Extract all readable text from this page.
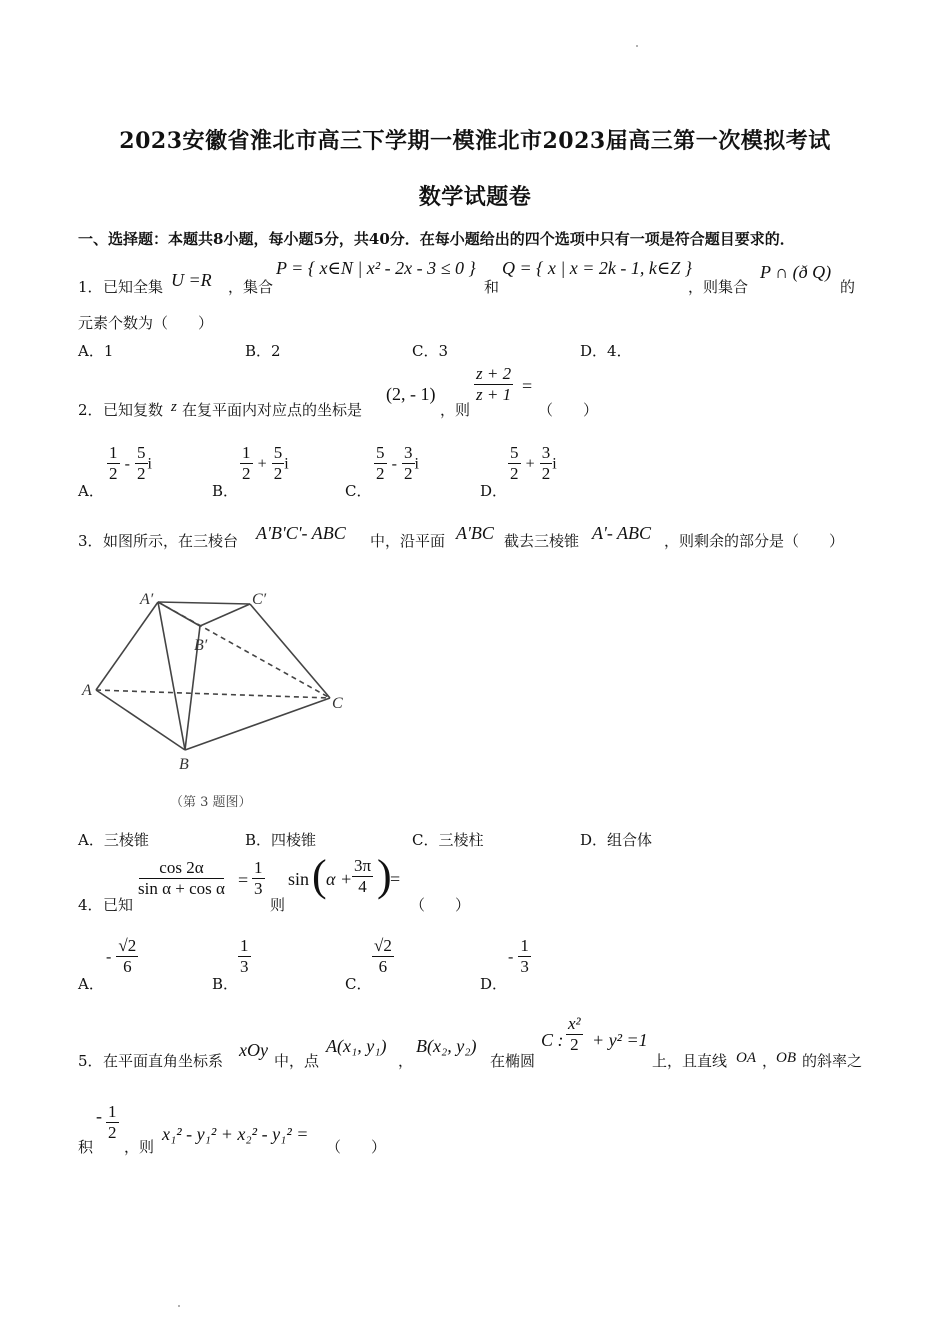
2023安徽省淮北市高三下学期一模淮北市2023届高三第一次模拟考试
数学试题卷
一、选择题：本题共8小题，每小题5分，共40分．在每小题给出的四个选项中只有一项是符合题目要求的．
1． 已知全集 U =R ，集合
P = { x∈N | x² - 2x - 3 ≤ 0 }
和
Q = { x | x = 2k - 1, k∈Z }
，则集合
P ∩ (ð Q)
的
元素个数为（　　）
A．1	B．2	C．3	D．4．
2． 已知复数 z 在复平面内对应点的坐标是
(2, - 1)
，则
$\frac{z + 2}{z + 1}$ =
（　　）
A．
$\frac{1}{2} - \frac{5}{2}$ i
B．
$\frac{1}{2} + \frac{5}{2}$ i
C．
$\frac{5}{2} - \frac{3}{2}$ i
D．
$\frac{5}{2} + \frac{3}{2}$ i
3． 如图所示，在三棱台 A'B'C'- ABC 中，沿平面 A'BC 截去三棱锥 A'- ABC ，则剩余的部分是（　　）
A′	C′
B′
A
B
C
（第 3 题图）
A．三棱锥	B．四棱锥	C．三棱柱	D．组合体
4． 已知
$\frac{\cos 2\alpha}{\text{sin α + cos α}} = \frac{1}{3}$
则
sin ( $\alpha + \frac{3\pi}{4}$ )
=
（　　）
A．
- $\frac{√2}{6}$
B．
$\frac{1}{3}$
C．
$\frac{√2}{6}$
D．
- $\frac{1}{3}$
5． 在平面直角坐标系
xOy
中，点
A(x₁, y₁)
，
B(x₂, y₂)
在椭圆
C : $\frac{\text{x²}}{2} + y^2 =1$
上，且直线 OA ，
OB 的斜率之
积
- $\frac{1}{2}$
，则
x₁² - y₁² + x₂² - y₁² =
（　　）
